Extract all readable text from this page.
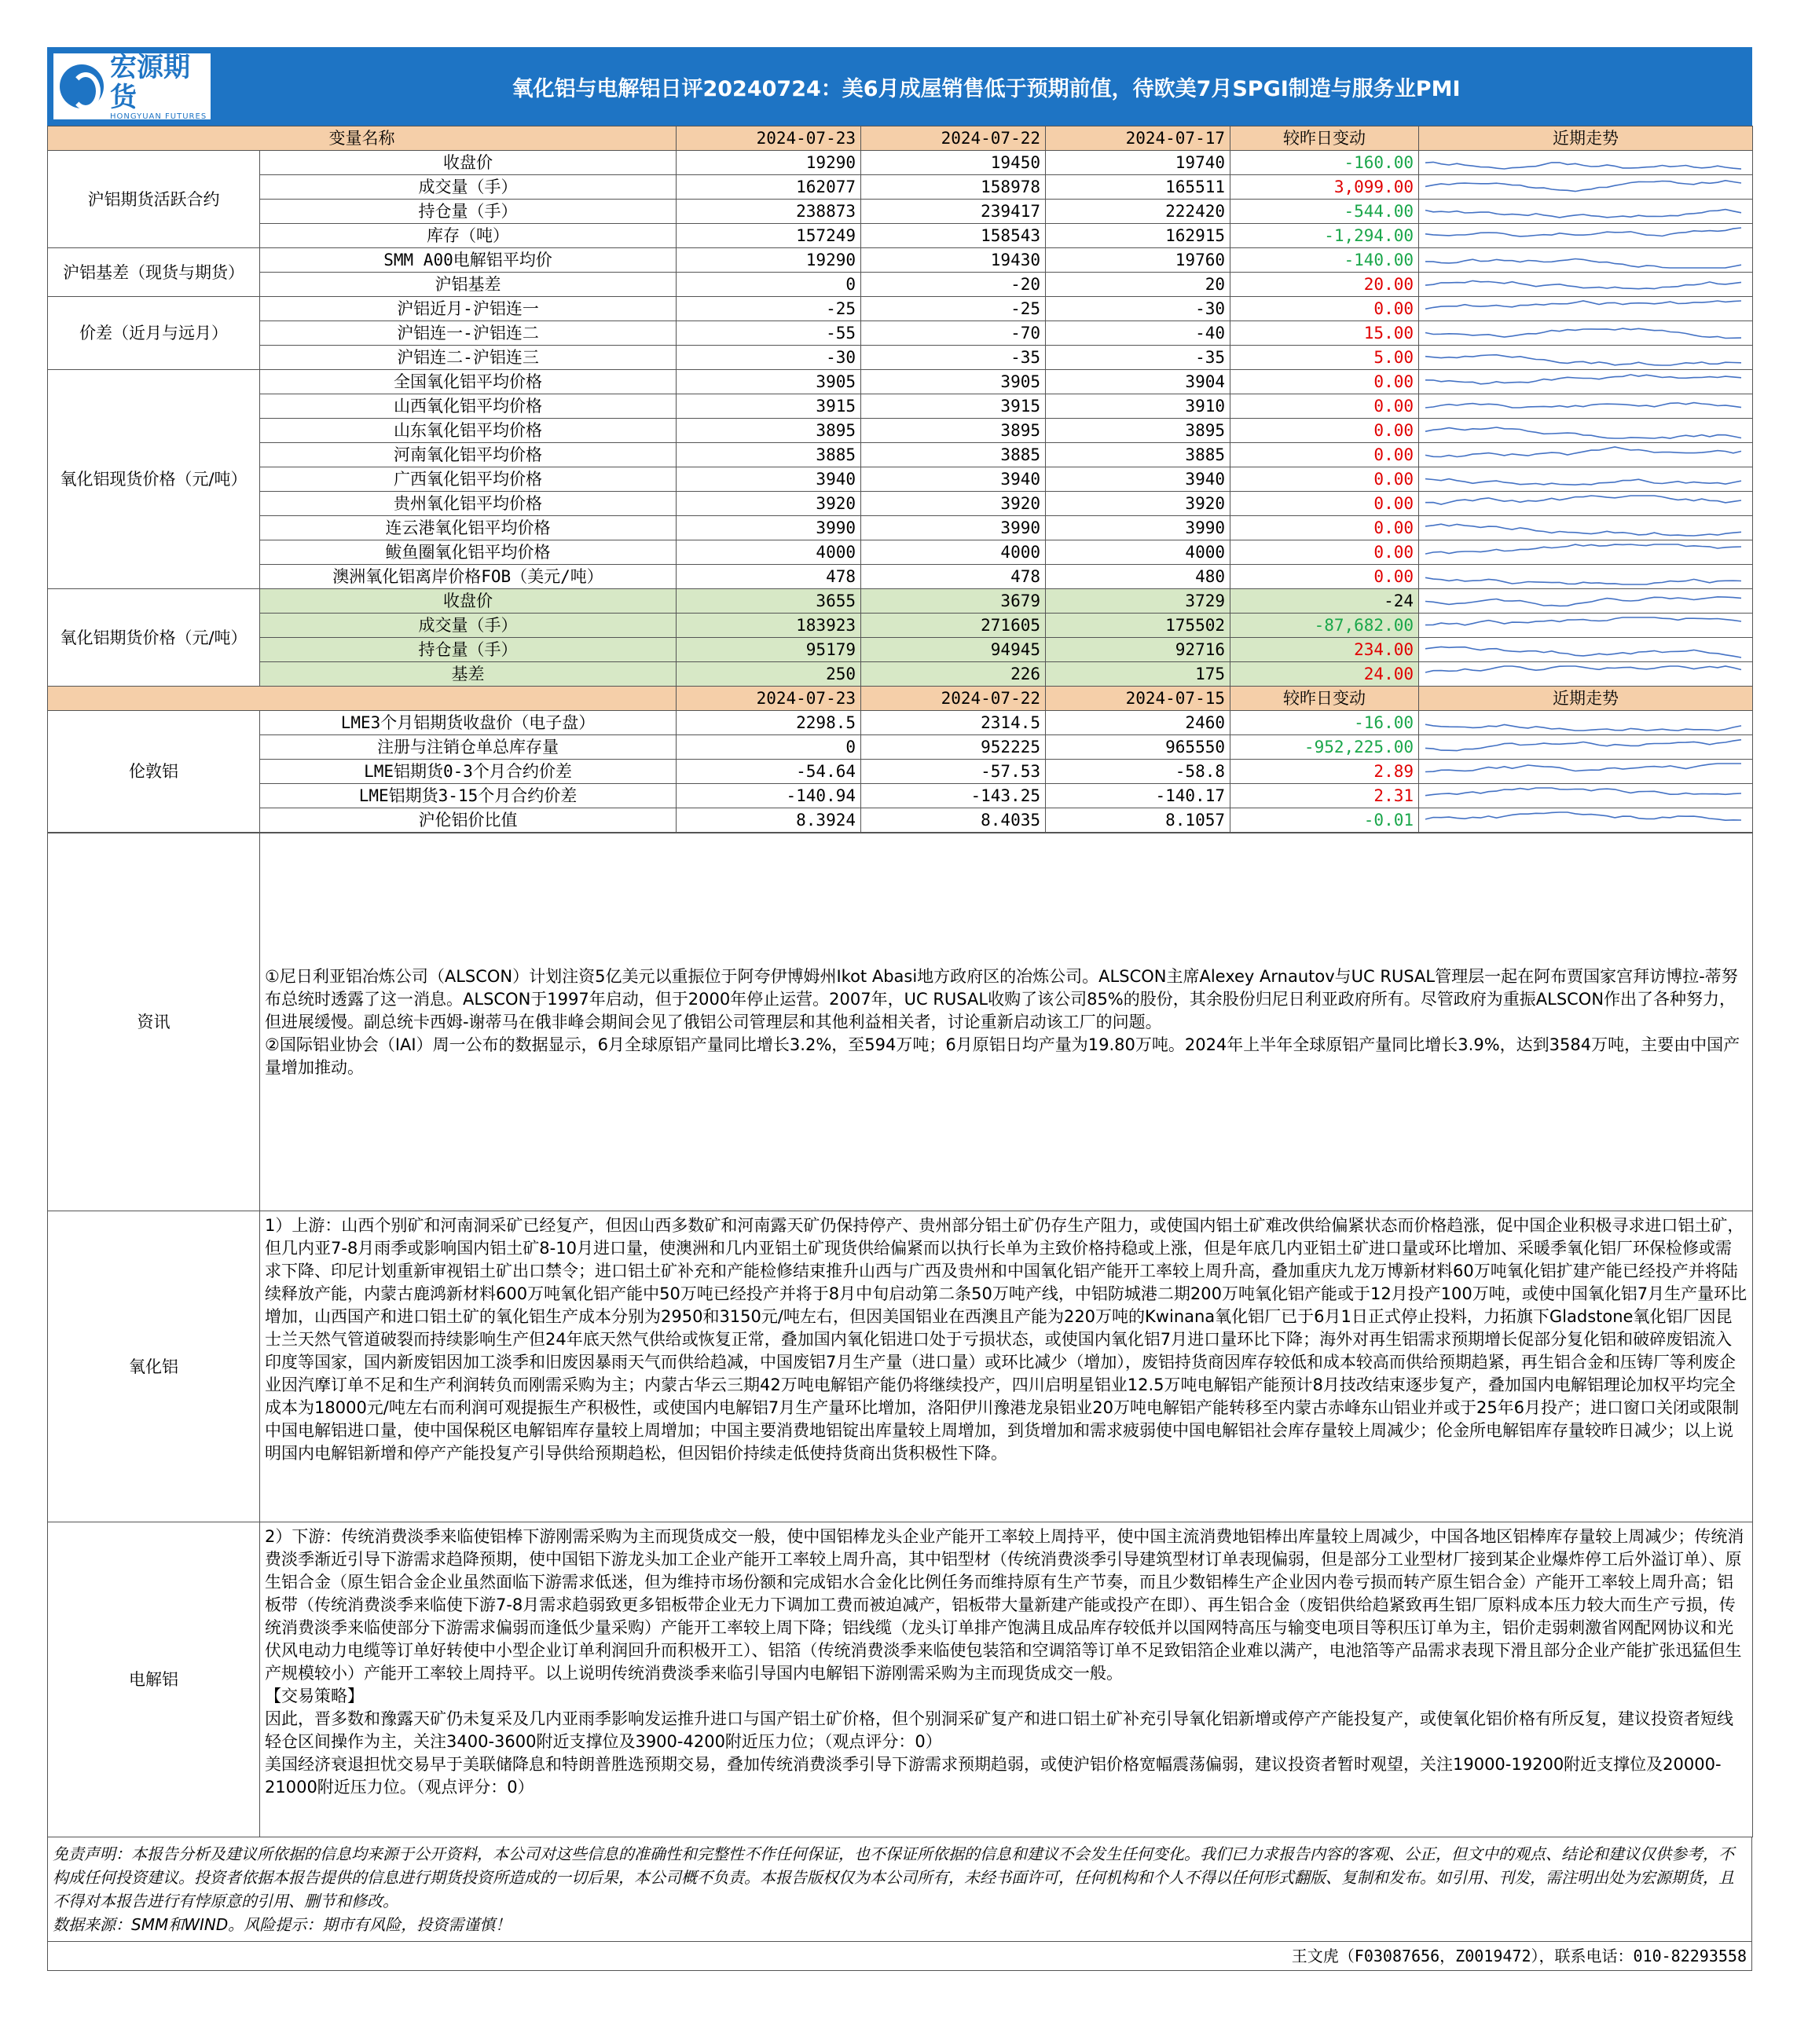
宏源期货
HONGYUAN FUTURES
氧化铝与电解铝日评20240724：美6月成屋销售低于预期前值，待欧美7月SPGI制造与服务业PMI
变量名称		2024-07-23	2024-07-22	2024-07-17	较昨日变动	近期走势
沪铝期货活跃合约	收盘价	19290	19450	19740	-160.00	

	成交量（手）	162077	158978	165511	3,099.00	

	持仓量（手）	238873	239417	222420	-544.00	

	库存（吨）	157249	158543	162915	-1,294.00	

沪铝基差（现货与期货）	SMM A00电解铝平均价	19290	19430	19760	-140.00	

	沪铝基差	0	-20	20	20.00	

价差（近月与远月）	沪铝近月-沪铝连一	-25	-25	-30	0.00	

	沪铝连一-沪铝连二	-55	-70	-40	15.00	

	沪铝连二-沪铝连三	-30	-35	-35	5.00	

氧化铝现货价格（元/吨）	全国氧化铝平均价格	3905	3905	3904	0.00	

	山西氧化铝平均价格	3915	3915	3910	0.00	

	山东氧化铝平均价格	3895	3895	3895	0.00	

	河南氧化铝平均价格	3885	3885	3885	0.00	

	广西氧化铝平均价格	3940	3940	3940	0.00	

	贵州氧化铝平均价格	3920	3920	3920	0.00	

	连云港氧化铝平均价格	3990	3990	3990	0.00	

	鲅鱼圈氧化铝平均价格	4000	4000	4000	0.00	

	澳洲氧化铝离岸价格FOB（美元/吨）	478	478	480	0.00	

氧化铝期货价格（元/吨）	收盘价	3655	3679	3729	-24	

	成交量（手）	183923	271605	175502	-87,682.00	

	持仓量（手）	95179	94945	92716	234.00	

	基差	250	226	175	24.00	

		2024-07-23	2024-07-22	2024-07-15	较昨日变动	近期走势
伦敦铝	LME3个月铝期货收盘价（电子盘）	2298.5	2314.5	2460	-16.00	

	注册与注销仓单总库存量	0	952225	965550	-952,225.00	

	LME铝期货0-3个月合约价差	-54.64	-57.53	-58.8	2.89	

	LME铝期货3-15个月合约价差	-140.94	-143.25	-140.17	2.31	

	沪伦铝价比值	8.3924	8.4035	8.1057	-0.01	
资讯	①尼日利亚铝冶炼公司（ALSCON）计划注资5亿美元以重振位于阿夸伊博姆州Ikot Abasi地方政府区的冶炼公司。ALSCON主席Alexey Arnautov与UC RUSAL管理层一起在阿布贾国家宫拜访博拉-蒂努布总统时透露了这一消息。ALSCON于1997年启动，但于2000年停止运营。2007年，UC RUSAL收购了该公司85%的股份，其余股份归尼日利亚政府所有。尽管政府为重振ALSCON作出了各种努力，但进展缓慢。副总统卡西姆-谢蒂马在俄非峰会期间会见了俄铝公司管理层和其他利益相关者，讨论重新启动该工厂的问题。

②国际铝业协会（IAI）周一公布的数据显示，6月全球原铝产量同比增长3.2%，至594万吨；6月原铝日均产量为19.80万吨。2024年上半年全球原铝产量同比增长3.9%，达到3584万吨，主要由中国产量增加推动。

氧化铝	1）上游：山西个别矿和河南洞采矿已经复产，但因山西多数矿和河南露天矿仍保持停产、贵州部分铝土矿仍存生产阻力，或使国内铝土矿难改供给偏紧状态而价格趋涨，促中国企业积极寻求进口铝土矿，但几内亚7-8月雨季或影响国内铝土矿8-10月进口量，使澳洲和几内亚铝土矿现货供给偏紧而以执行长单为主致价格持稳或上涨，但是年底几内亚铝土矿进口量或环比增加、采暖季氧化铝厂环保检修或需求下降、印尼计划重新审视铝土矿出口禁令；进口铝土矿补充和产能检修结束推升山西与广西及贵州和中国氧化铝产能开工率较上周升高，叠加重庆九龙万博新材料60万吨氧化铝扩建产能已经投产并将陆续释放产能，内蒙古鹿鸿新材料600万吨氧化铝产能中50万吨已经投产并将于8月中旬启动第二条50万吨产线，中铝防城港二期200万吨氧化铝产能或于12月投产100万吨，或使中国氧化铝7月生产量环比增加，山西国产和进口铝土矿的氧化铝生产成本分别为2950和3150元/吨左右，但因美国铝业在西澳且产能为220万吨的Kwinana氧化铝厂已于6月1日正式停止投料，力拓旗下Gladstone氧化铝厂因昆士兰天然气管道破裂而持续影响生产但24年底天然气供给或恢复正常，叠加国内氧化铝进口处于亏损状态，或使国内氧化铝7月进口量环比下降；海外对再生铝需求预期增长促部分复化铝和破碎废铝流入印度等国家，国内新废铝因加工淡季和旧废因暴雨天气而供给趋减，中国废铝7月生产量（进口量）或环比减少（增加），废铝持货商因库存较低和成本较高而供给预期趋紧，再生铝合金和压铸厂等利废企业因汽摩订单不足和生产利润转负而刚需采购为主；内蒙古华云三期42万吨电解铝产能仍将继续投产，四川启明星铝业12.5万吨电解铝产能预计8月技改结束逐步复产，叠加国内电解铝理论加权平均完全成本为18000元/吨左右而利润可观提振生产积极性，或使国内电解铝7月生产量环比增加，洛阳伊川豫港龙泉铝业20万吨电解铝产能转移至内蒙古赤峰东山铝业并或于25年6月投产；进口窗口关闭或限制中国电解铝进口量，使中国保税区电解铝库存量较上周增加；中国主要消费地铝锭出库量较上周增加，到货增加和需求疲弱使中国电解铝社会库存量较上周减少；伦金所电解铝库存量较昨日减少；以上说明国内电解铝新增和停产产能投复产引导供给预期趋松，但因铝价持续走低使持货商出货积极性下降。

电解铝	2）下游：传统消费淡季来临使铝棒下游刚需采购为主而现货成交一般，使中国铝棒龙头企业产能开工率较上周持平，使中国主流消费地铝棒出库量较上周减少，中国各地区铝棒库存量较上周减少；传统消费淡季渐近引导下游需求趋降预期，使中国铝下游龙头加工企业产能开工率较上周升高，其中铝型材（传统消费淡季引导建筑型材订单表现偏弱，但是部分工业型材厂接到某企业爆炸停工后外溢订单）、原生铝合金（原生铝合金企业虽然面临下游需求低迷，但为维持市场份额和完成铝水合金化比例任务而维持原有生产节奏，而且少数铝棒生产企业因内卷亏损而转产原生铝合金）产能开工率较上周升高；铝板带（传统消费淡季来临使下游7-8月需求趋弱致更多铝板带企业无力下调加工费而被迫减产，铝板带大量新建产能或投产在即）、再生铝合金（废铝供给趋紧致再生铝厂原料成本压力较大而生产亏损，传统消费淡季来临使部分下游需求偏弱而逢低少量采购）产能开工率较上周下降；铝线缆（龙头订单排产饱满且成品库存较低并以国网特高压与输变电项目等积压订单为主，铝价走弱刺激省网配网协议和光伏风电动力电缆等订单好转使中小型企业订单利润回升而积极开工）、铝箔（传统消费淡季来临使包装箔和空调箔等订单不足致铝箔企业难以满产，电池箔等产品需求表现下滑且部分企业产能扩张迅猛但生产规模较小）产能开工率较上周持平。以上说明传统消费淡季来临引导国内电解铝下游刚需采购为主而现货成交一般。

【交易策略】

因此，晋多数和豫露天矿仍未复采及几内亚雨季影响发运推升进口与国产铝土矿价格，但个别洞采矿复产和进口铝土矿补充引导氧化铝新增或停产产能投复产，或使氧化铝价格有所反复，建议投资者短线轻仓区间操作为主，关注3400-3600附近支撑位及3900-4200附近压力位；（观点评分：0）

美国经济衰退担忧交易早于美联储降息和特朗普胜选预期交易，叠加传统消费淡季引导下游需求预期趋弱，或使沪铝价格宽幅震荡偏弱，建议投资者暂时观望，关注19000-19200附近支撑位及20000-21000附近压力位。（观点评分：0）

免责声明：本报告分析及建议所依据的信息均来源于公开资料，本公司对这些信息的准确性和完整性不作任何保证，也不保证所依据的信息和建议不会发生任何变化。我们已力求报告内容的客观、公正，但文中的观点、结论和建议仅供参考，不构成任何投资建议。投资者依据本报告提供的信息进行期货投资所造成的一切后果，本公司概不负责。本报告版权仅为本公司所有，未经书面许可，任何机构和个人不得以任何形式翻版、复制和发布。如引用、刊发，需注明出处为宏源期货，且不得对本报告进行有悖原意的引用、删节和修改。

数据来源：SMM和WIND。风险提示：期市有风险，投资需谨慎！

王文虎（F03087656，Z0019472），联系电话：010-82293558
